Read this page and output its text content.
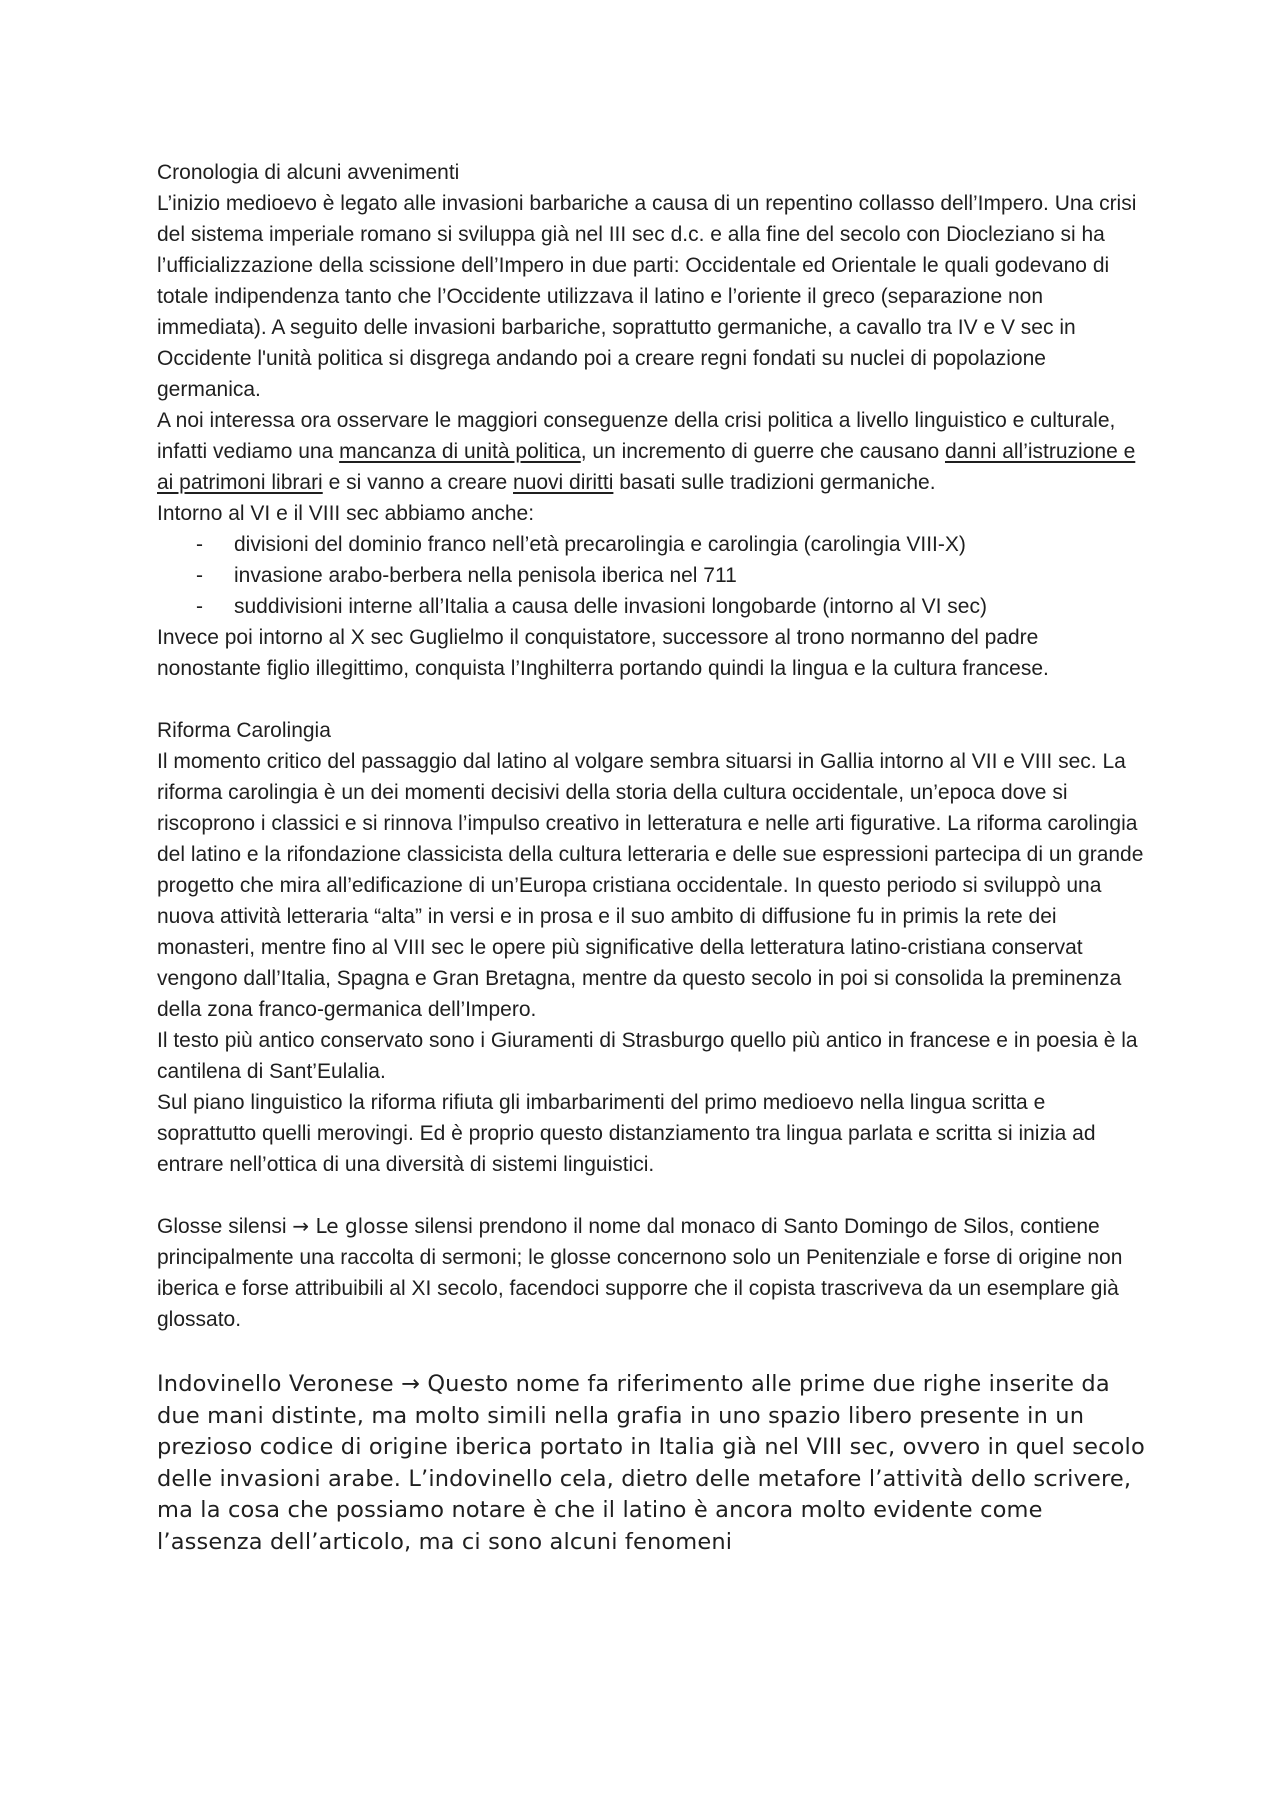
Cronologia di alcuni avvenimenti

L’inizio medioevo è legato alle invasioni barbariche a causa di un repentino collasso dell’Impero. Una crisi del sistema imperiale romano si sviluppa già nel III sec d.c. e alla fine del secolo con Diocleziano si ha l’ufficializzazione della scissione dell’Impero in due parti: Occidentale ed Orientale le quali godevano di totale indipendenza tanto che l’Occidente utilizzava il latino e l’oriente il greco (separazione non immediata). A seguito delle invasioni barbariche, soprattutto germaniche, a cavallo tra IV e V sec in Occidente l'unità politica si disgrega andando poi a creare regni fondati su nuclei di popolazione germanica.

A noi interessa ora osservare le maggiori conseguenze della crisi politica a livello linguistico e culturale, infatti vediamo una mancanza di unità politica, un incremento di guerre che causano danni all’istruzione e ai patrimoni librari e si vanno a creare nuovi diritti basati sulle tradizioni germaniche.

Intorno al VI e il VIII sec abbiamo anche:

- divisioni del dominio franco nell’età precarolingia e carolingia (carolingia VIII-X)
- invasione arabo-berbera nella penisola iberica nel 711
- suddivisioni interne all’Italia a causa delle invasioni longobarde (intorno al VI sec)

Invece poi intorno al X sec Guglielmo il conquistatore, successore al trono normanno del padre nonostante figlio illegittimo, conquista l’Inghilterra portando quindi la lingua e la cultura francese.

Riforma Carolingia

Il momento critico del passaggio dal latino al volgare sembra situarsi in Gallia intorno al VII e VIII sec. La riforma carolingia è un dei momenti decisivi della storia della cultura occidentale, un’epoca dove si riscoprono i classici e si rinnova l’impulso creativo in letteratura e nelle arti figurative. La riforma carolingia del latino e la rifondazione classicista della cultura letteraria e delle sue espressioni partecipa di un grande progetto che mira all’edificazione di un’Europa cristiana occidentale. In questo periodo si sviluppò una nuova attività letteraria “alta” in versi e in prosa e il suo ambito di diffusione fu in primis la rete dei monasteri, mentre fino al VIII sec le opere più significative della letteratura latino-cristiana conservat vengono dall’Italia, Spagna e Gran Bretagna, mentre da questo secolo in poi si consolida la preminenza della zona franco-germanica dell’Impero.

Il testo più antico conservato sono i Giuramenti di Strasburgo quello più antico in francese e in poesia è la cantilena di Sant’Eulalia.

Sul piano linguistico la riforma rifiuta gli imbarbarimenti del primo medioevo nella lingua scritta e soprattutto quelli merovingi. Ed è proprio questo distanziamento tra lingua parlata e scritta si inizia ad entrare nell’ottica di una diversità di sistemi linguistici.

Glosse silensi → Le glosse silensi prendono il nome dal monaco di Santo Domingo de Silos, contiene principalmente una raccolta di sermoni; le glosse concernono solo un Penitenziale e forse di origine non iberica e forse attribuibili al XI secolo, facendoci supporre che il copista trascriveva da un esemplare già glossato.

Indovinello Veronese → Questo nome fa riferimento alle prime due righe inserite da due mani distinte, ma molto simili nella grafia in uno spazio libero presente in un prezioso codice di origine iberica portato in Italia già nel VIII sec, ovvero in quel secolo delle invasioni arabe. L’indovinello cela, dietro delle metafore l’attività dello scrivere, ma la cosa che possiamo notare è che il latino è ancora molto evidente come l’assenza dell’articolo, ma ci sono alcuni fenomeni
